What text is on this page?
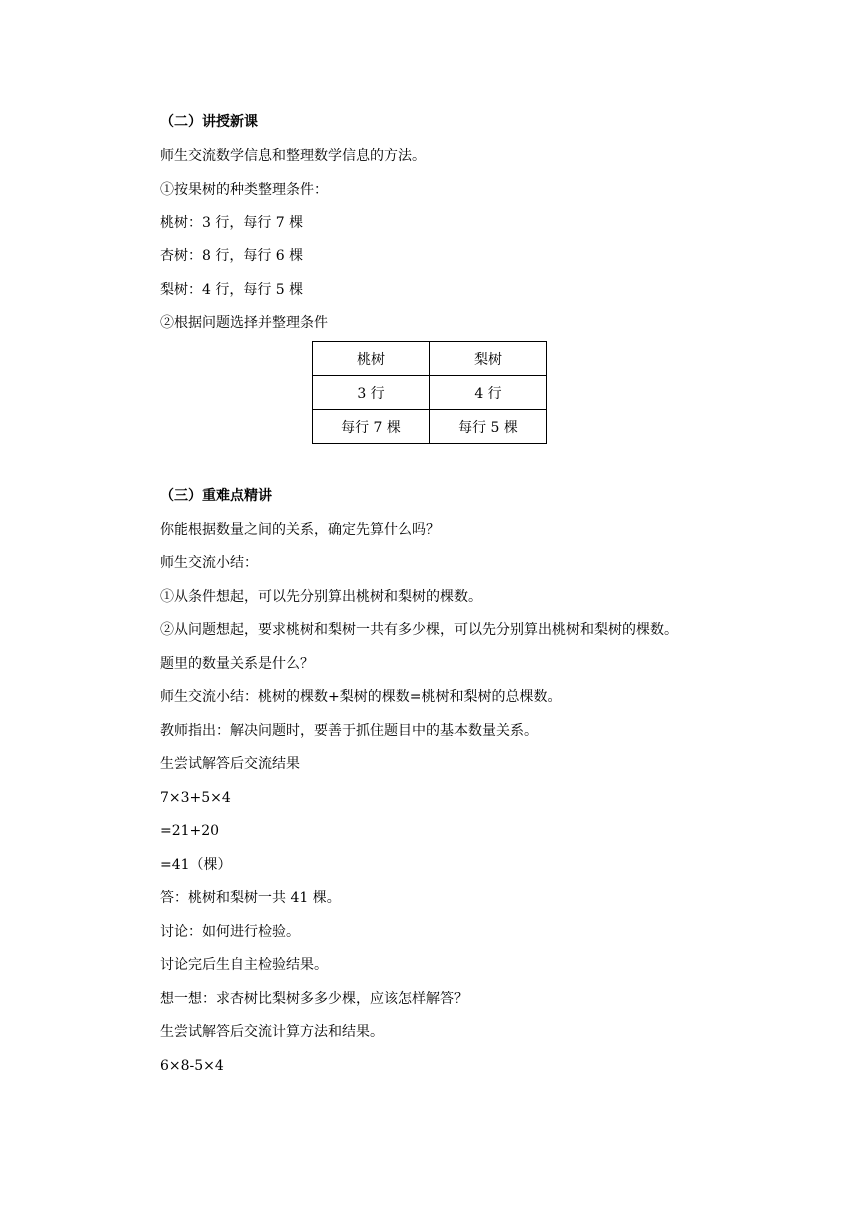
（二）讲授新课
师生交流数学信息和整理数学信息的方法。
①按果树的种类整理条件：
桃树：3 行，每行 7 棵
杏树：8 行，每行 6 棵
梨树：4 行，每行 5 棵
②根据问题选择并整理条件
桃树	梨树
3 行	4 行
每行 7 棵	每行 5 棵
（三）重难点精讲
你能根据数量之间的关系，确定先算什么吗？
师生交流小结：
①从条件想起，可以先分别算出桃树和梨树的棵数。
②从问题想起，要求桃树和梨树一共有多少棵，可以先分别算出桃树和梨树的棵数。
题里的数量关系是什么？
师生交流小结：桃树的棵数+梨树的棵数=桃树和梨树的总棵数。
教师指出：解决问题时，要善于抓住题目中的基本数量关系。
生尝试解答后交流结果
7×3+5×4
=21+20
=41（棵）
答：桃树和梨树一共 41 棵。
讨论：如何进行检验。
讨论完后生自主检验结果。
想一想：求杏树比梨树多多少棵，应该怎样解答？
生尝试解答后交流计算方法和结果。
6×8-5×4
